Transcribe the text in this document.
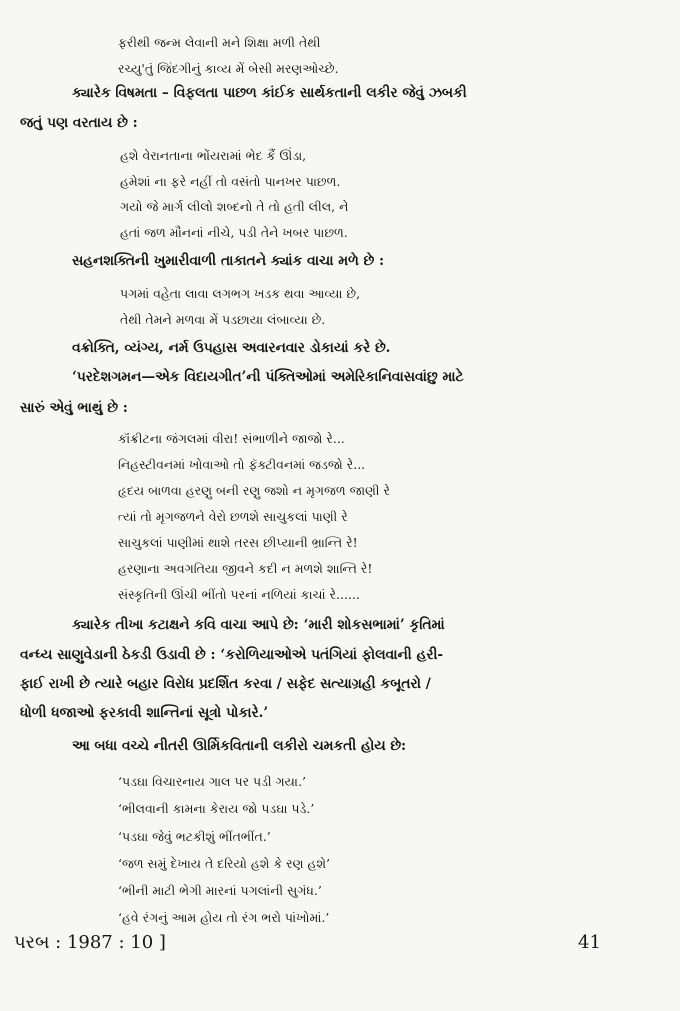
ફરીથી જન્મ લેવાની મને શિક્ષા મળી તેથી
રચ્યુ'તું જિંદગીનું કાવ્ય મેં બેસી મરણઓચ્છે.
ક્યારેક વિષમતા – વિફલતા પાછળ કાંઈક સાર્થકતાની લકીર જેવું ઝબકી
જતું પણ વરતાય છે :
હશે વેરાનતાના ભોંયરામાં ભેદ કૈં ઊંડા,
હમેશાં ના ફરે નહીં તો વસંતો પાનખર પાછળ.
ગયો જે માર્ગ લીલો શબ્દનો તે તો હતી લીલ, ને
હતાં જળ મૌનનાં નીચે, પડી તેને ખબર પાછળ.
સહનશક્તિની ખુમારીવાળી તાકાતને ક્યાંક વાચા મળે છે :
પગમાં વહેતા લાવા લગભગ ખડક થવા આવ્યા છે,
તેથી તેમને મળવા મેં પડછાયા લંબાવ્યા છે.
વક્રોક્તિ, વ્યંગ્ય, નર્મ ઉપહાસ અવારનવાર ડોકાયાં કરે છે.
‘પરદેશગમન—એક વિદાયગીત’ની પંક્તિઓમાં અમેરિકાનિવાસવાંછુ માટે
સારું એવું ભાથું છે :
કૉંક્રીટના જંગલમાં વીરા! સંભાળીને જાજો રે...
નિહસ્ટીવનમાં ખોવાઓ તો ફૅક્ટીવનમાં જડજો રે...
હૃદય બાળવા હરણુ બની રણુ જશો ન મૃગજળ જાણી રે
ત્યાં તો મૃગજળને વેરો છળશે સાચુકલાં પાણી રે
સાચુકલાં પાણીમાં થાશે તરસ છીપ્યાની ભ્રાન્તિ રે!
હરણાના અવગતિયા જીવને કદી ન મળશે શાન્તિ રે!
સંસ્કૃતિની ઊંચી ભીંતો પરનાં નળિયાં કાચાં રે......
ક્યારેક તીખા કટાક્ષને કવિ વાચા આપે છે: ‘મારી શોકસભામાં’ કૃતિમાં
વન્ધ્ય સાણુવેડાની ઠેકડી ઉડાવી છે : ‘કરોળિયાઓએ પતંગિયાં ફોલવાની હરી-
ફાઈ રાખી છે ત્યારે બહાર વિરોધ પ્રદર્શિત કરવા / સફેદ સત્યાગ્રહી કબૂતરો /
ધોળી ધજાઓ ફરકાવી શાન્તિનાં સૂત્રો પોકારે.’
આ બધા વચ્ચે નીતરી ઊર્મિકવિતાની લકીરો ચમકતી હોય છે:
‘પડઘા વિચારનાય ગાલ પર પડી ગયા.’
‘ભીલવાની કામના કેરાય જો પડઘા પડે.’
‘પડઘા જેવું ભટકીશું ભીંતભીંત.’
‘જળ સમું દેખાય તે દરિયો હશે કે રણ હશે’
‘ભીની માટી ભેગી મારનાં પગલાંની સુગંધ.’
‘હવે રંગનું આમ હોય તો રંગ ભરો પાંખોમાં.’
પરબ : 1987 : 10 ]	41
